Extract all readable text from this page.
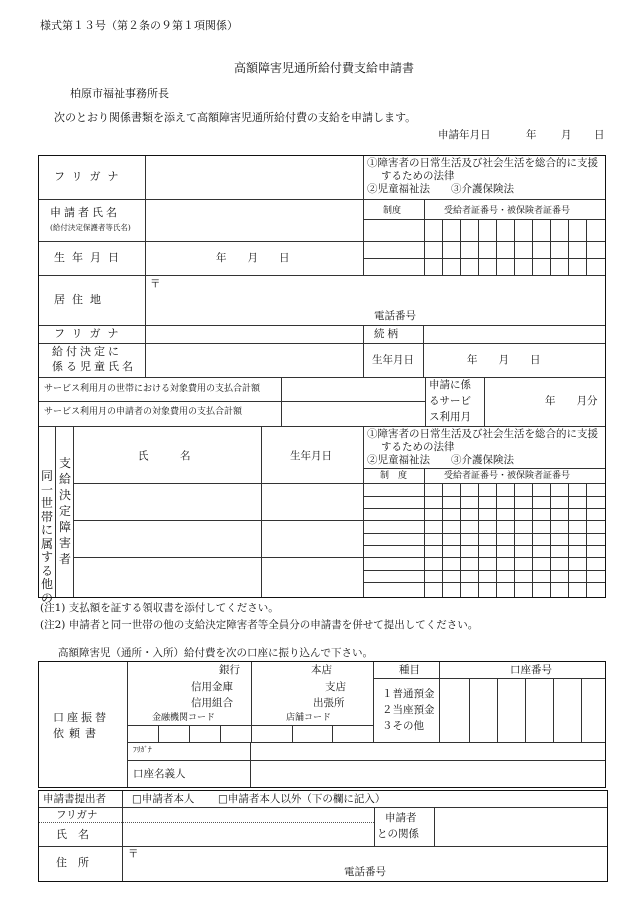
様式第１３号（第２条の９第１項関係）
高額障害児通所給付費支給申請書
柏原市福祉事務所長
次のとおり関係書類を添えて高額障害児通所給付費の支給を申請します。
申請年月日	年 月 日
フリガナ
①障害者の日常生活及び社会生活を総合的に支援
するための法律
②児童福祉法　　③介護保険法
申請者氏名
(給付決定保護者等氏名)
制度	受給者証番号・被保険者証番号
生年月日	年　　月　　日
居住地
〒
電話番号
フリガナ	続柄
給付決定に
係る児童氏名	生年月日	年　　月　　日
サービス利用月の世帯における対象費用の支払合計額
サービス利用月の申請者の対象費用の支払合計額
申請に係
るサービ
ス利用月
年　　月分
同一世帯に属する他の
支給決定障害者
氏　　　名	生年月日
①障害者の日常生活及び社会生活を総合的に支援
するための法律
②児童福祉法　　③介護保険法
制　度	受給者証番号・被保険者証番号
(注1) 支払額を証する領収書を添付してください。
(注2) 申請者と同一世帯の他の支給決定障害者等全員分の申請書を併せて提出してください。
高額障害児（通所・入所）給付費を次の口座に振り込んで下さい。
口座振替
依頼書
銀行
信用金庫
信用組合
本店
支店
出張所
金融機関コード	店舗コード
種目
１普通預金
２当座預金
３その他
口座番号
ﾌﾘｶﾞﾅ
口座名義人
申請書提出者 □申請者本人 □申請者本人以外（下の欄に記入）
フリガナ
氏　名
申請者
との関係
住　所
〒
電話番号
